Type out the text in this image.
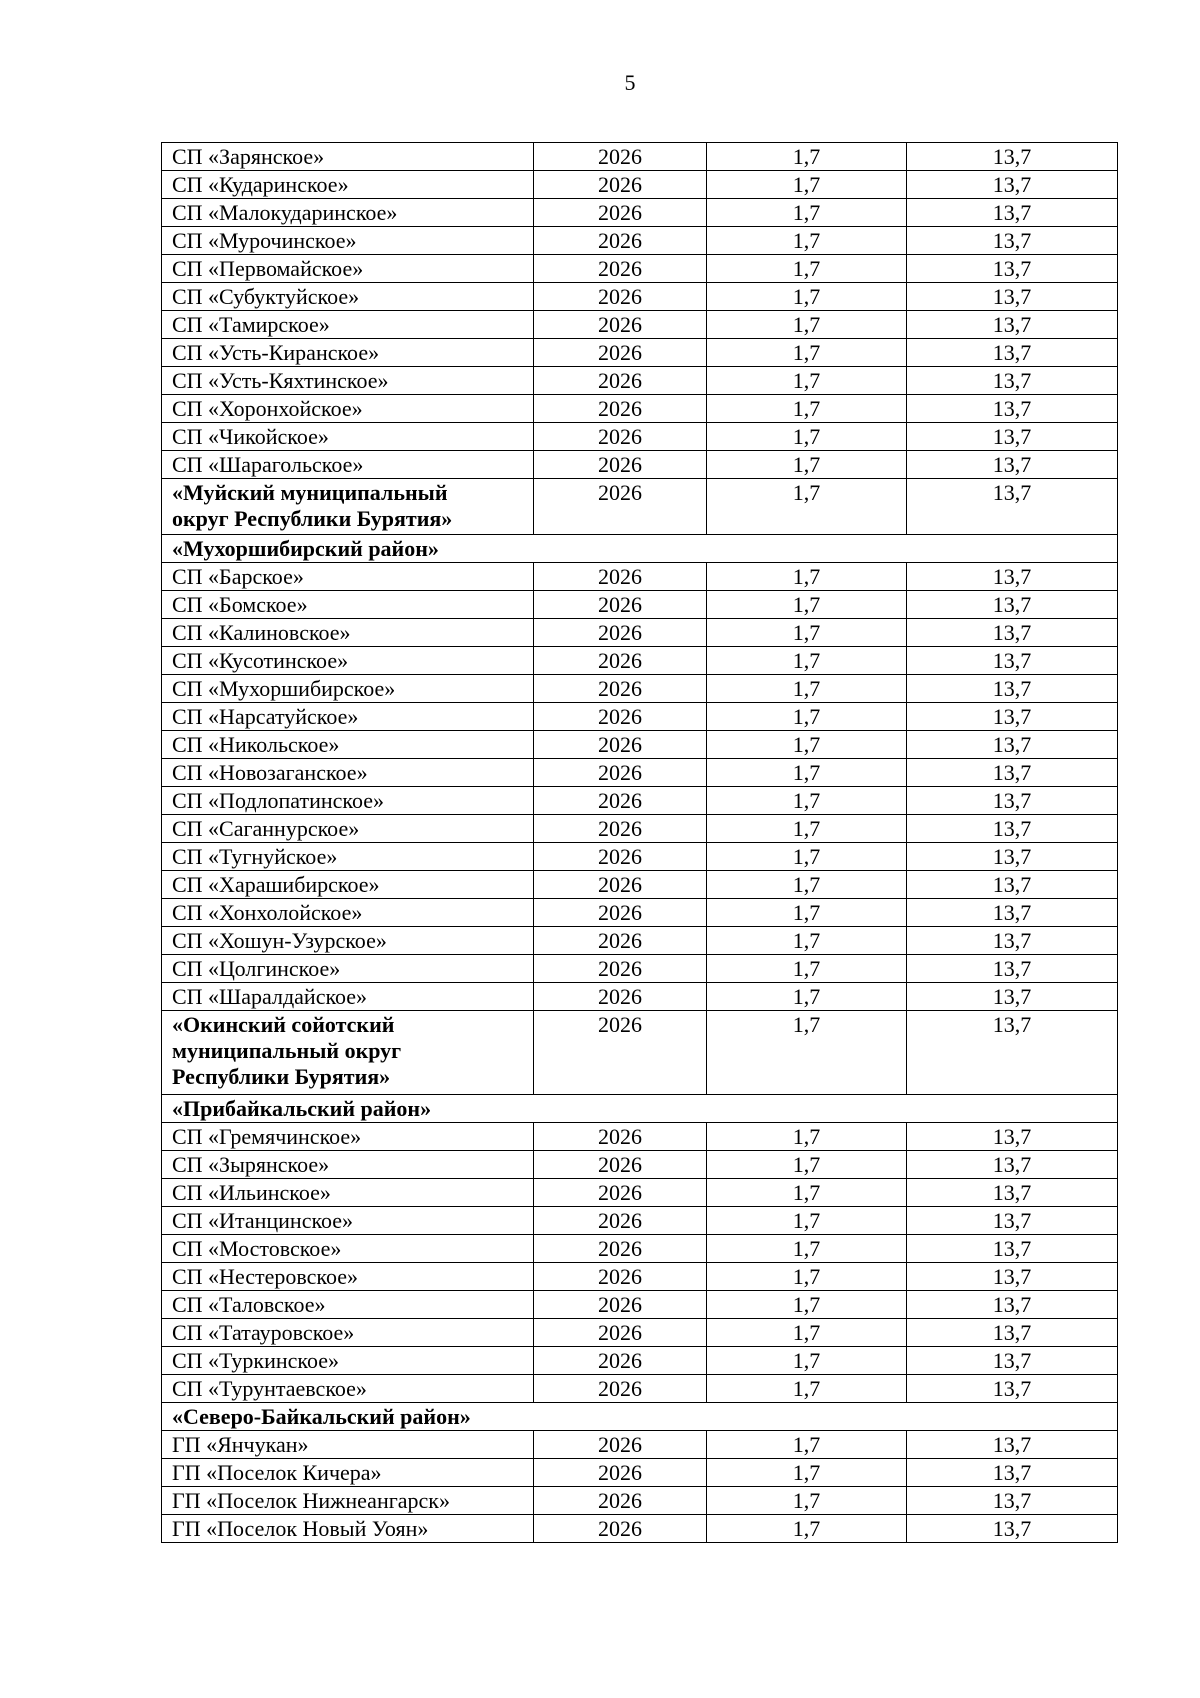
5
СП «Зарянское»	2026	1,7	13,7
СП «Кударинское»	2026	1,7	13,7
СП «Малокударинское»	2026	1,7	13,7
СП «Мурочинское»	2026	1,7	13,7
СП «Первомайское»	2026	1,7	13,7
СП «Субуктуйское»	2026	1,7	13,7
СП «Тамирское»	2026	1,7	13,7
СП «Усть-Киранское»	2026	1,7	13,7
СП «Усть-Кяхтинское»	2026	1,7	13,7
СП «Хоронхойское»	2026	1,7	13,7
СП «Чикойское»	2026	1,7	13,7
СП «Шарагольское»	2026	1,7	13,7

«Муйский муниципальный
округ Республики Бурятия»	2026	1,7	13,7
«Мухоршибирский район»			
СП «Барское»	2026	1,7	13,7
СП «Бомское»	2026	1,7	13,7
СП «Калиновское»	2026	1,7	13,7
СП «Кусотинское»	2026	1,7	13,7
СП «Мухоршибирское»	2026	1,7	13,7
СП «Нарсатуйское»	2026	1,7	13,7
СП «Никольское»	2026	1,7	13,7
СП «Новозаганское»	2026	1,7	13,7
СП «Подлопатинское»	2026	1,7	13,7
СП «Саганнурское»	2026	1,7	13,7
СП «Тугнуйское»	2026	1,7	13,7
СП «Харашибирское»	2026	1,7	13,7
СП «Хонхолойское»	2026	1,7	13,7
СП «Хошун-Узурское»	2026	1,7	13,7
СП «Цолгинское»	2026	1,7	13,7
СП «Шаралдайское»	2026	1,7	13,7

«Окинский сойотский
муниципальный округ
Республики Бурятия»	2026	1,7	13,7
«Прибайкальский район»			
СП «Гремячинское»	2026	1,7	13,7
СП «Зырянское»	2026	1,7	13,7
СП «Ильинское»	2026	1,7	13,7
СП «Итанцинское»	2026	1,7	13,7
СП «Мостовское»	2026	1,7	13,7
СП «Нестеровское»	2026	1,7	13,7
СП «Таловское»	2026	1,7	13,7
СП «Татауровское»	2026	1,7	13,7
СП «Туркинское»	2026	1,7	13,7
СП «Турунтаевское»	2026	1,7	13,7
«Северо-Байкальский район»			
ГП «Янчукан»	2026	1,7	13,7
ГП «Поселок Кичера»	2026	1,7	13,7
ГП «Поселок Нижнеангарск»	2026	1,7	13,7
ГП «Поселок Новый Уоян»	2026	1,7	13,7
